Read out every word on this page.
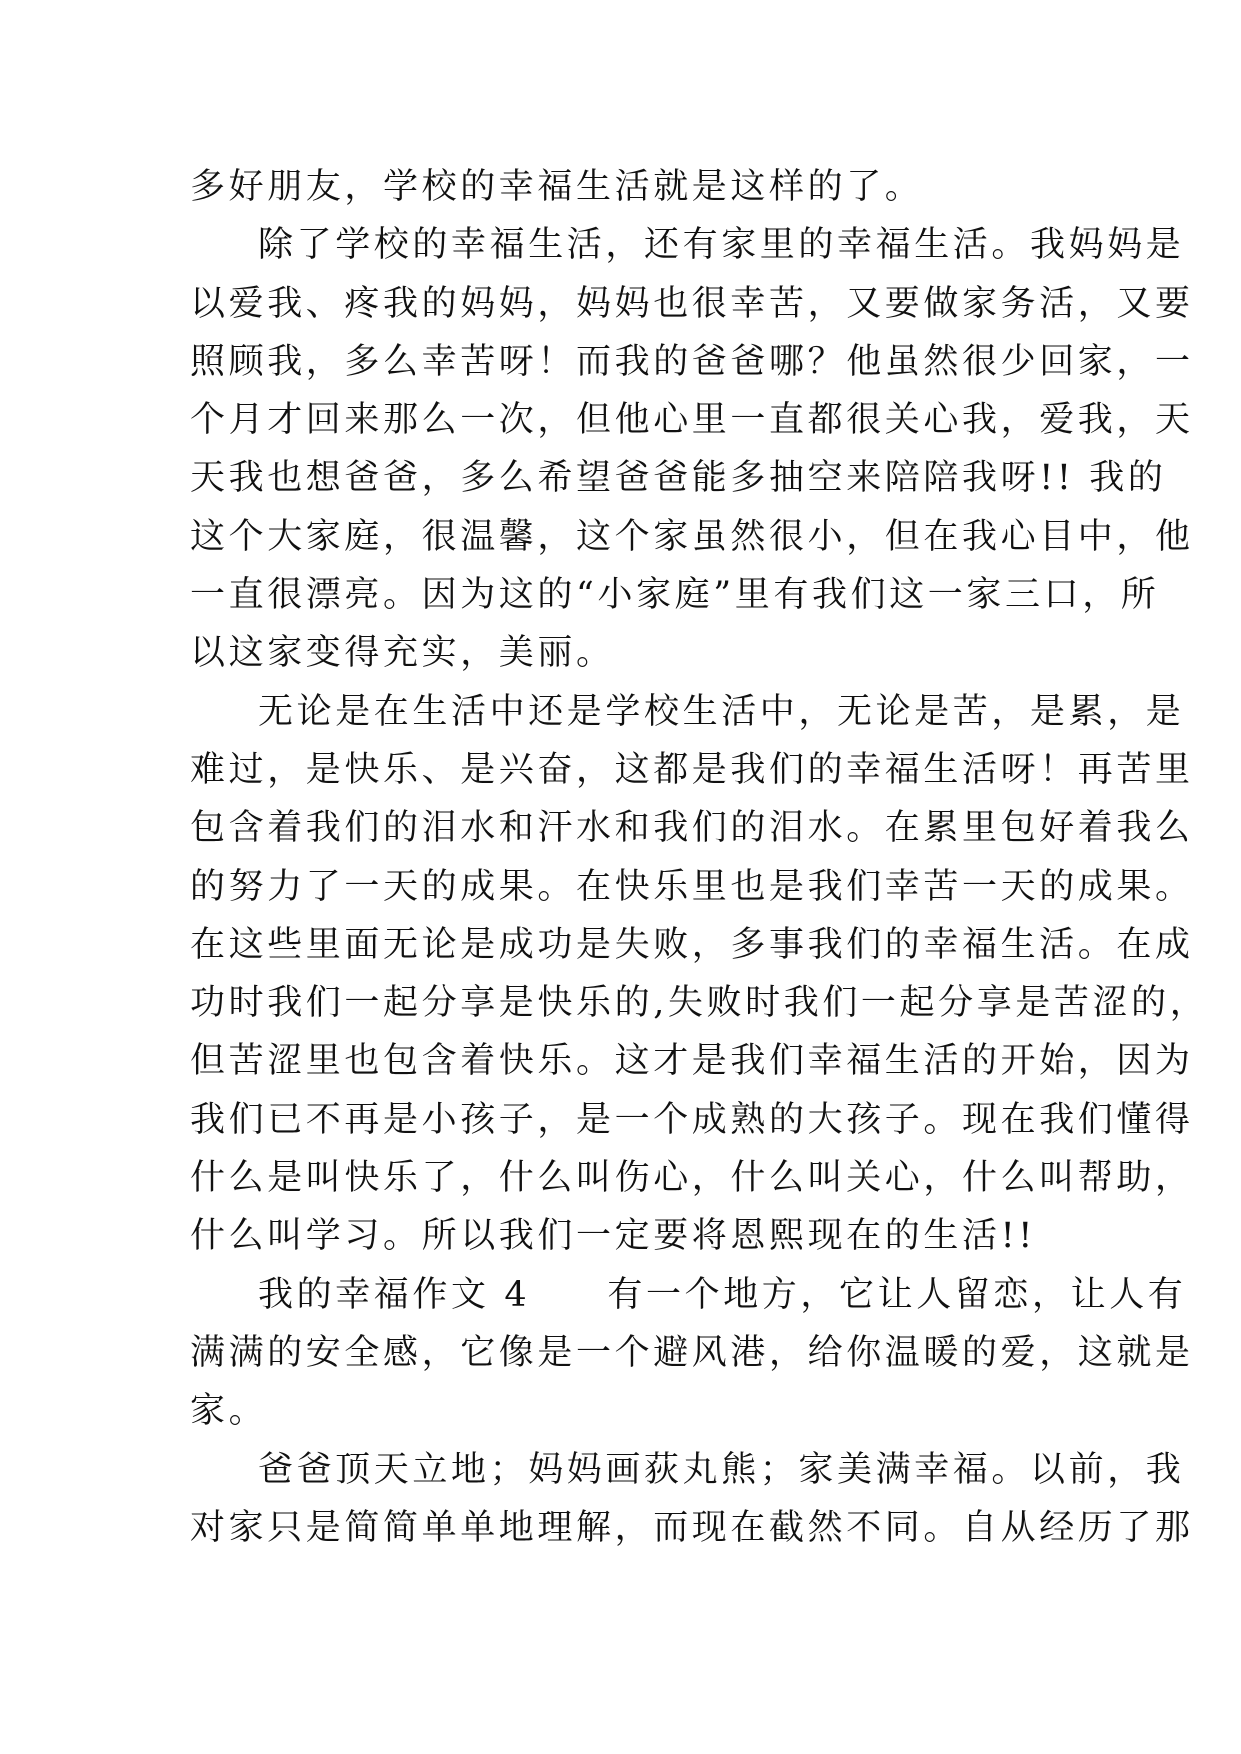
多好朋友，学校的幸福生活就是这样的了。
除了学校的幸福生活，还有家里的幸福生活。我妈妈是
以爱我、疼我的妈妈，妈妈也很幸苦，又要做家务活，又要
照顾我，多么幸苦呀！而我的爸爸哪？他虽然很少回家，一
个月才回来那么一次，但他心里一直都很关心我，爱我，天
天我也想爸爸，多么希望爸爸能多抽空来陪陪我呀!! 我的
这个大家庭，很温馨，这个家虽然很小，但在我心目中，他
一直很漂亮。因为这的“小家庭”里有我们这一家三口，所
以这家变得充实，美丽。
无论是在生活中还是学校生活中，无论是苦，是累，是
难过，是快乐、是兴奋，这都是我们的幸福生活呀！再苦里
包含着我们的泪水和汗水和我们的泪水。在累里包好着我么
的努力了一天的成果。在快乐里也是我们幸苦一天的成果。
在这些里面无论是成功是失败，多事我们的幸福生活。在成
功时我们一起分享是快乐的,失败时我们一起分享是苦涩的，
但苦涩里也包含着快乐。这才是我们幸福生活的开始，因为
我们已不再是小孩子，是一个成熟的大孩子。现在我们懂得
什么是叫快乐了，什么叫伤心，什么叫关心，什么叫帮助，
什么叫学习。所以我们一定要将恩熙现在的生活!!
我的幸福作文 4　　有一个地方，它让人留恋，让人有
满满的安全感，它像是一个避风港，给你温暖的爱，这就是
家。
爸爸顶天立地；妈妈画荻丸熊；家美满幸福。以前，我
对家只是简简单单地理解，而现在截然不同。自从经历了那
